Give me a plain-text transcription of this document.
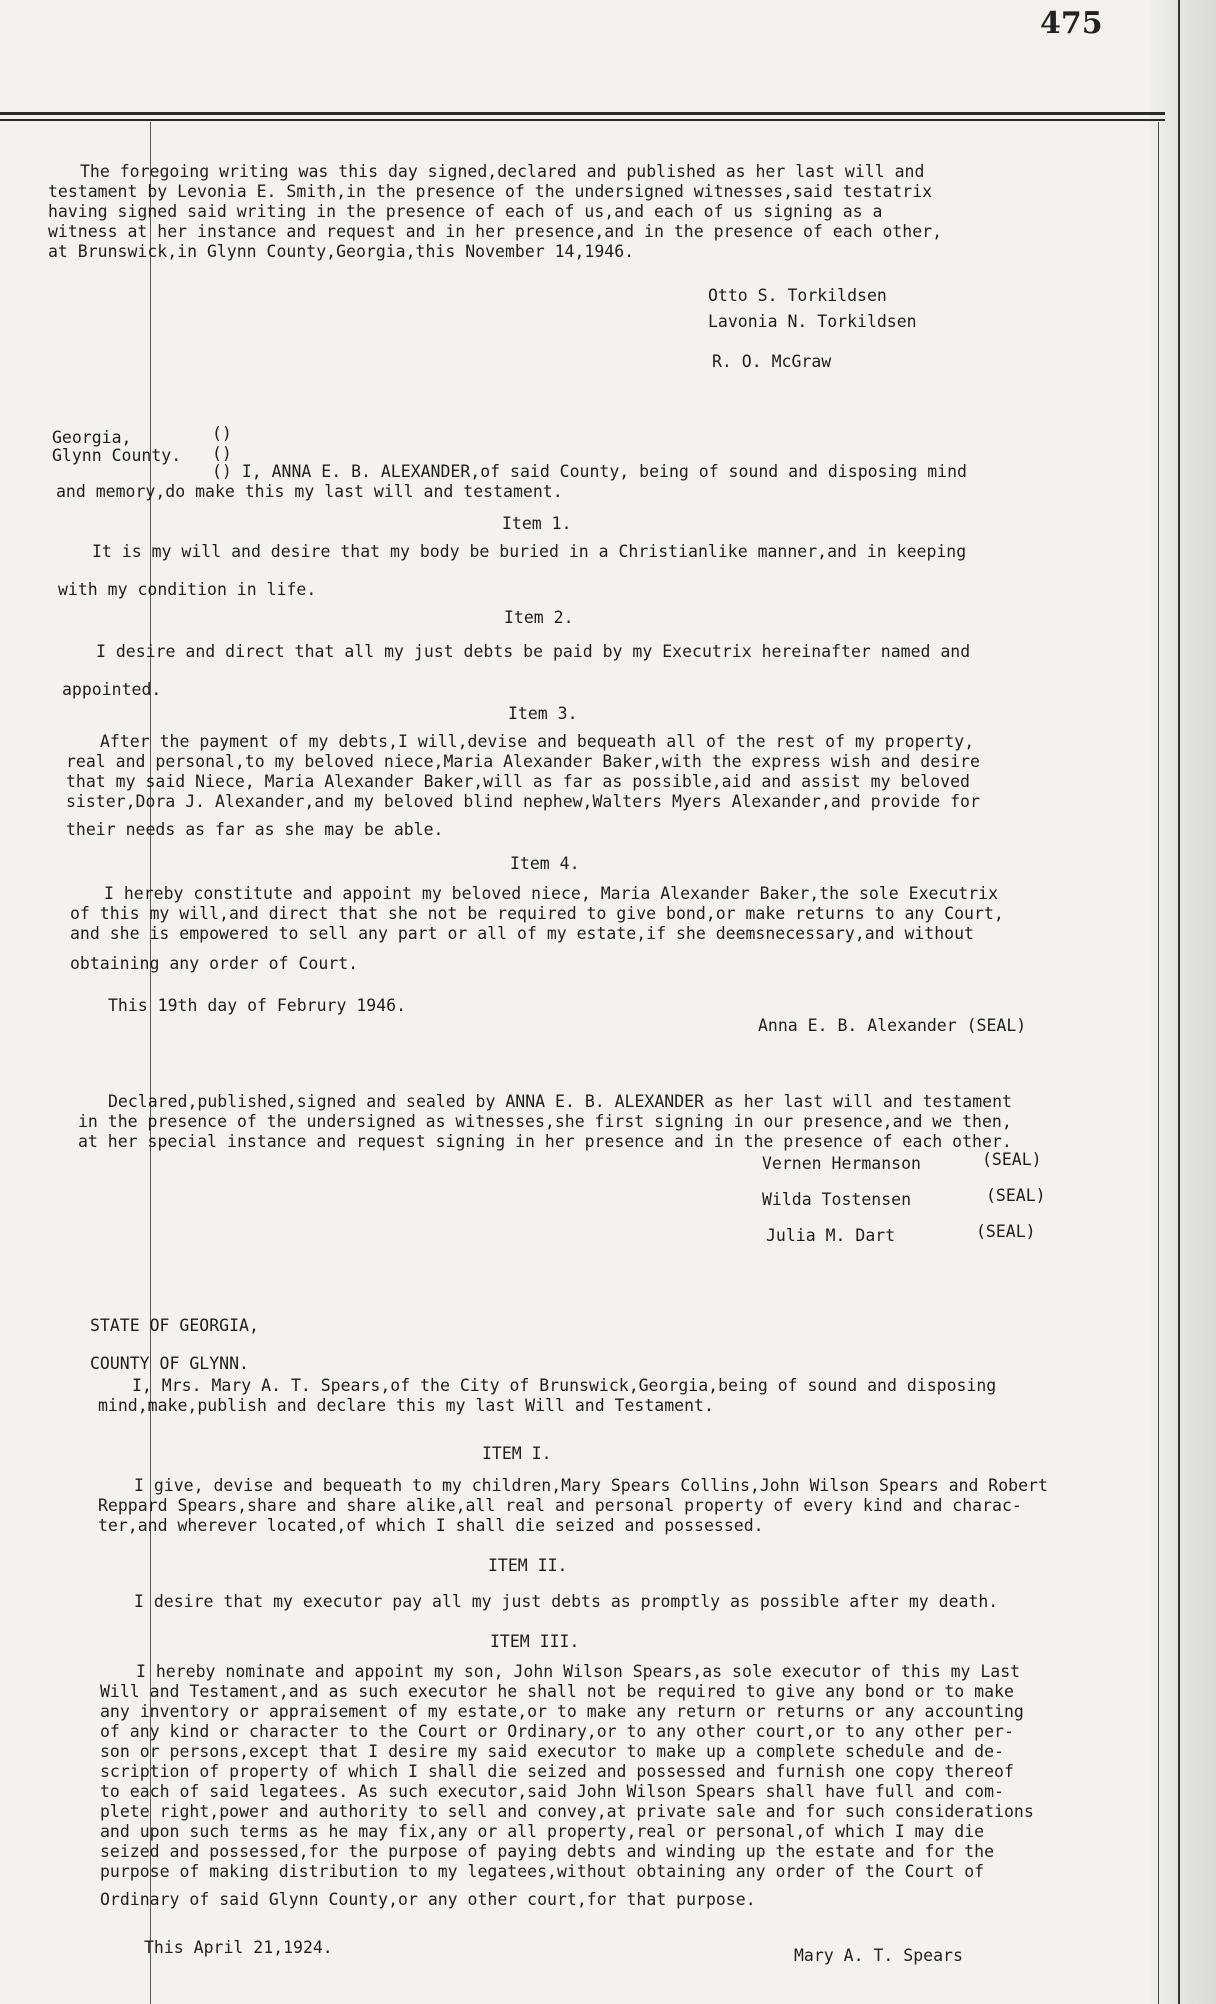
475
The foregoing writing was this day signed,declared and published as her last will and
testament by Levonia E. Smith,in the presence of the undersigned witnesses,said testatrix
having signed said writing in the presence of each of us,and each of us signing as a
witness at her instance and request and in her presence,and in the presence of each other,
at Brunswick,in Glynn County,Georgia,this November 14,1946.
Otto S. Torkildsen
Lavonia N. Torkildsen
R. O. McGraw
Georgia,	()
Glynn County. ()
() I, ANNA E. B. ALEXANDER,of said County, being of sound and disposing mind
and memory,do make this my last will and testament.
Item 1.
It is my will and desire that my body be buried in a Christianlike manner,and in keeping
with my condition in life.
Item 2.
I desire and direct that all my just debts be paid by my Executrix hereinafter named and
appointed.
Item 3.
After the payment of my debts,I will,devise and bequeath all of the rest of my property,
real and personal,to my beloved niece,Maria Alexander Baker,with the express wish and desire
that my said Niece, Maria Alexander Baker,will as far as possible,aid and assist my beloved
sister,Dora J. Alexander,and my beloved blind nephew,Walters Myers Alexander,and provide for
their needs as far as she may be able.
Item 4.
I hereby constitute and appoint my beloved niece, Maria Alexander Baker,the sole Executrix
of this my will,and direct that she not be required to give bond,or make returns to any Court,
and she is empowered to sell any part or all of my estate,if she deemsnecessary,and without
obtaining any order of Court.
This 19th day of Februry 1946.
Anna E. B. Alexander (SEAL)
Declared,published,signed and sealed by ANNA E. B. ALEXANDER as her last will and testament
in the presence of the undersigned as witnesses,she first signing in our presence,and we then,
at her special instance and request signing in her presence and in the presence of each other.
Vernen Hermanson	(SEAL)
Wilda Tostensen	(SEAL)
Julia M. Dart	(SEAL)
STATE OF GEORGIA,
COUNTY OF GLYNN.
I, Mrs. Mary A. T. Spears,of the City of Brunswick,Georgia,being of sound and disposing
mind,make,publish and declare this my last Will and Testament.
ITEM I.
I give, devise and bequeath to my children,Mary Spears Collins,John Wilson Spears and Robert
Reppard Spears,share and share alike,all real and personal property of every kind and charac-
ter,and wherever located,of which I shall die seized and possessed.
ITEM II.
I desire that my executor pay all my just debts as promptly as possible after my death.
ITEM III.
I hereby nominate and appoint my son, John Wilson Spears,as sole executor of this my Last
Will and Testament,and as such executor he shall not be required to give any bond or to make
any inventory or appraisement of my estate,or to make any return or returns or any accounting
of any kind or character to the Court or Ordinary,or to any other court,or to any other per-
son or persons,except that I desire my said executor to make up a complete schedule and de-
scription of property of which I shall die seized and possessed and furnish one copy thereof
to each of said legatees. As such executor,said John Wilson Spears shall have full and com-
plete right,power and authority to sell and convey,at private sale and for such considerations
and upon such terms as he may fix,any or all property,real or personal,of which I may die
seized and possessed,for the purpose of paying debts and winding up the estate and for the
purpose of making distribution to my legatees,without obtaining any order of the Court of
Ordinary of said Glynn County,or any other court,for that purpose.
This April 21,1924.	Mary A. T. Spears
